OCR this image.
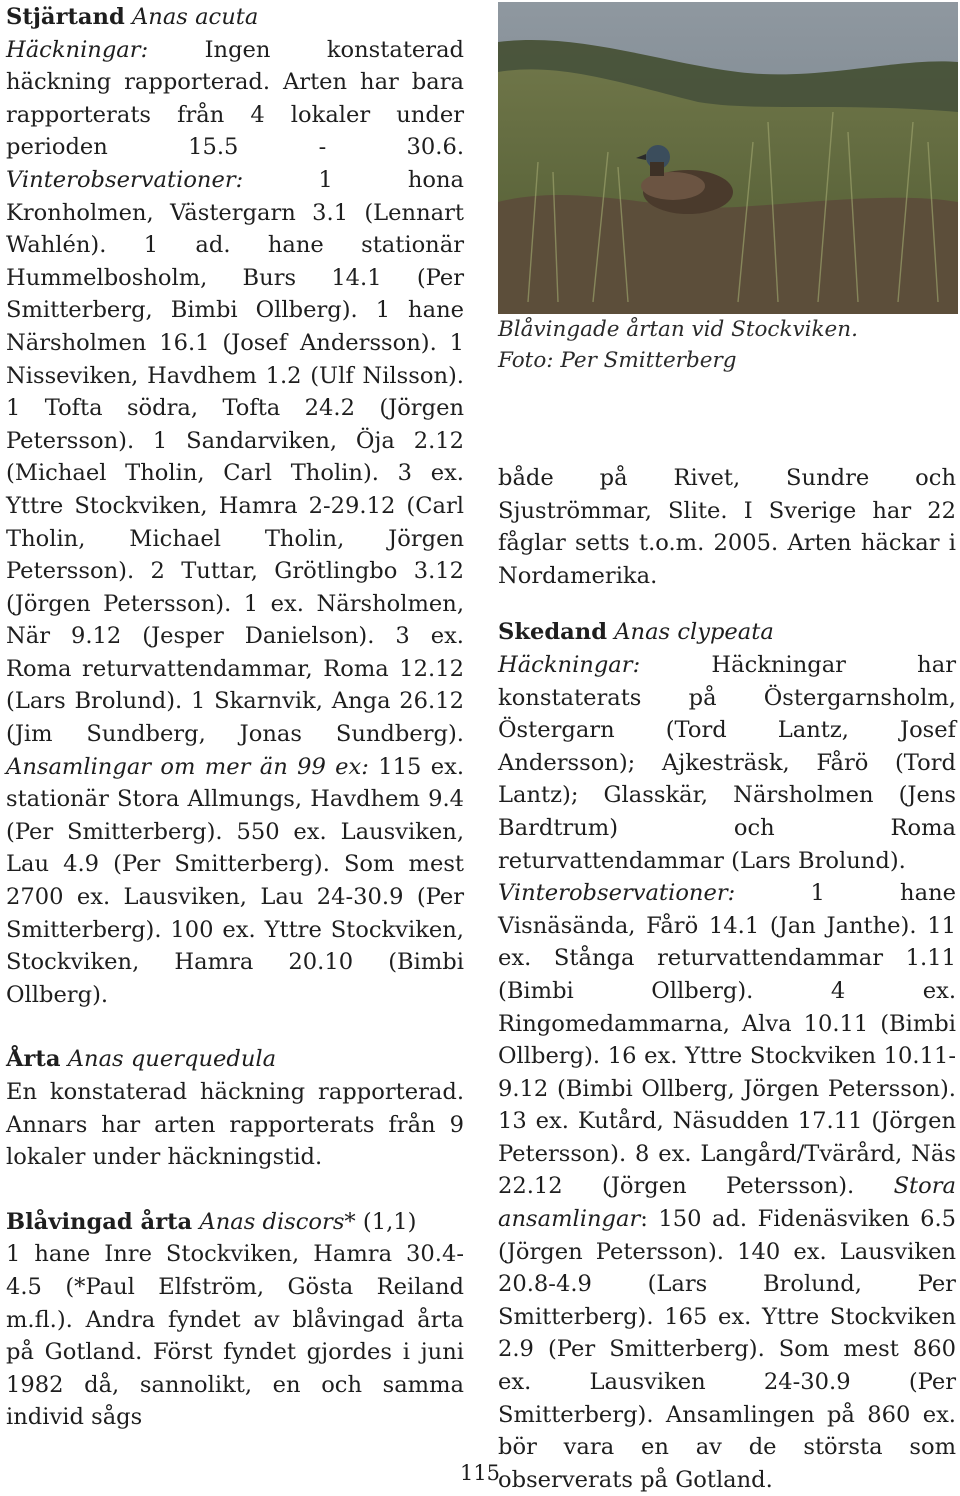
Stjärtand Anas acuta
Häckningar: Ingen konstaterad häckning rapporterad. Arten har bara rapporterats från 4 lokaler under perioden 15.5 - 30.6. Vinterobservationer:	1 hona Kronholmen, Västergarn 3.1 (Lennart Wahlén). 1 ad. hane stationär Hummelbosholm, Burs 14.1 (Per Smitterberg, Bimbi Ollberg). 1 hane Närsholmen 16.1 (Josef Andersson). 1 Nisseviken, Havdhem 1.2 (Ulf Nilsson). 1 Tofta södra, Tofta 24.2 (Jörgen Petersson). 1 Sandarviken, Öja 2.12 (Michael Tholin, Carl Tholin). 3 ex. Yttre Stockviken, Hamra 2-29.12 (Carl Tholin, Michael Tholin, Jörgen Petersson). 2 Tuttar, Grötlingbo 3.12 (Jörgen Petersson). 1 ex. Närsholmen, När 9.12 (Jesper Danielson). 3 ex. Roma returvattendammar, Roma 12.12 (Lars Brolund). 1 Skarnvik, Anga 26.12 (Jim Sundberg, Jonas Sundberg). Ansamlingar om mer än 99 ex: 115 ex. stationär Stora Allmungs, Havdhem 9.4 (Per Smitterberg). 550 ex. Lausviken, Lau 4.9 (Per Smitterberg). Som mest 2700 ex. Lausviken, Lau 24-30.9 (Per Smitterberg). 100 ex. Yttre Stockviken, Stockviken, Hamra 20.10 (Bimbi Ollberg).

Årta Anas querquedula
En konstaterad häckning rapporterad. Annars har arten rapporterats från 9 lokaler under häckningstid.

Blåvingad årta Anas discors* (1,1)
1 hane Inre Stockviken, Hamra 30.4-4.5 (*Paul Elfström, Gösta Reiland m.fl.). Andra fyndet av blåvingad årta på Gotland. Först fyndet gjordes i juni 1982 då, sannolikt, en och samma individ sågs

Blåvingade årtan vid Stockviken.
Foto: Per Smitterberg

både på Rivet, Sundre och Sjuströmmar, Slite. I Sverige har 22 fåglar setts t.o.m. 2005. Arten häckar i Nordamerika.

Skedand Anas clypeata
Häckningar:	Häckningar har konstaterats på Östergarnsholm, Östergarn (Tord Lantz, Josef Andersson); Ajkesträsk, Fårö (Tord Lantz); Glasskär, Närsholmen (Jens Bardtrum) och Roma returvattendammar (Lars Brolund).
Vinterobservationer:	1 hane Visnäsända, Fårö 14.1 (Jan Janthe). 11 ex. Stånga returvattendammar 1.11 (Bimbi Ollberg). 4 ex. Ringomedammarna, Alva 10.11 (Bimbi Ollberg). 16 ex. Yttre Stockviken 10.11-9.12 (Bimbi Ollberg, Jörgen Petersson). 13 ex. Kutård, Näsudden 17.11 (Jörgen Petersson). 8 ex. Langård/Tvärård, Näs 22.12 (Jörgen Petersson). Stora ansamlingar: 150 ad. Fidenäsviken 6.5 (Jörgen Petersson). 140 ex. Lausviken 20.8-4.9 (Lars Brolund, Per Smitterberg). 165 ex. Yttre Stockviken 2.9 (Per Smitterberg). Som mest 860 ex. Lausviken 24-30.9 (Per Smitterberg). Ansamlingen på 860 ex. bör vara en av de största som observerats på Gotland.

115
